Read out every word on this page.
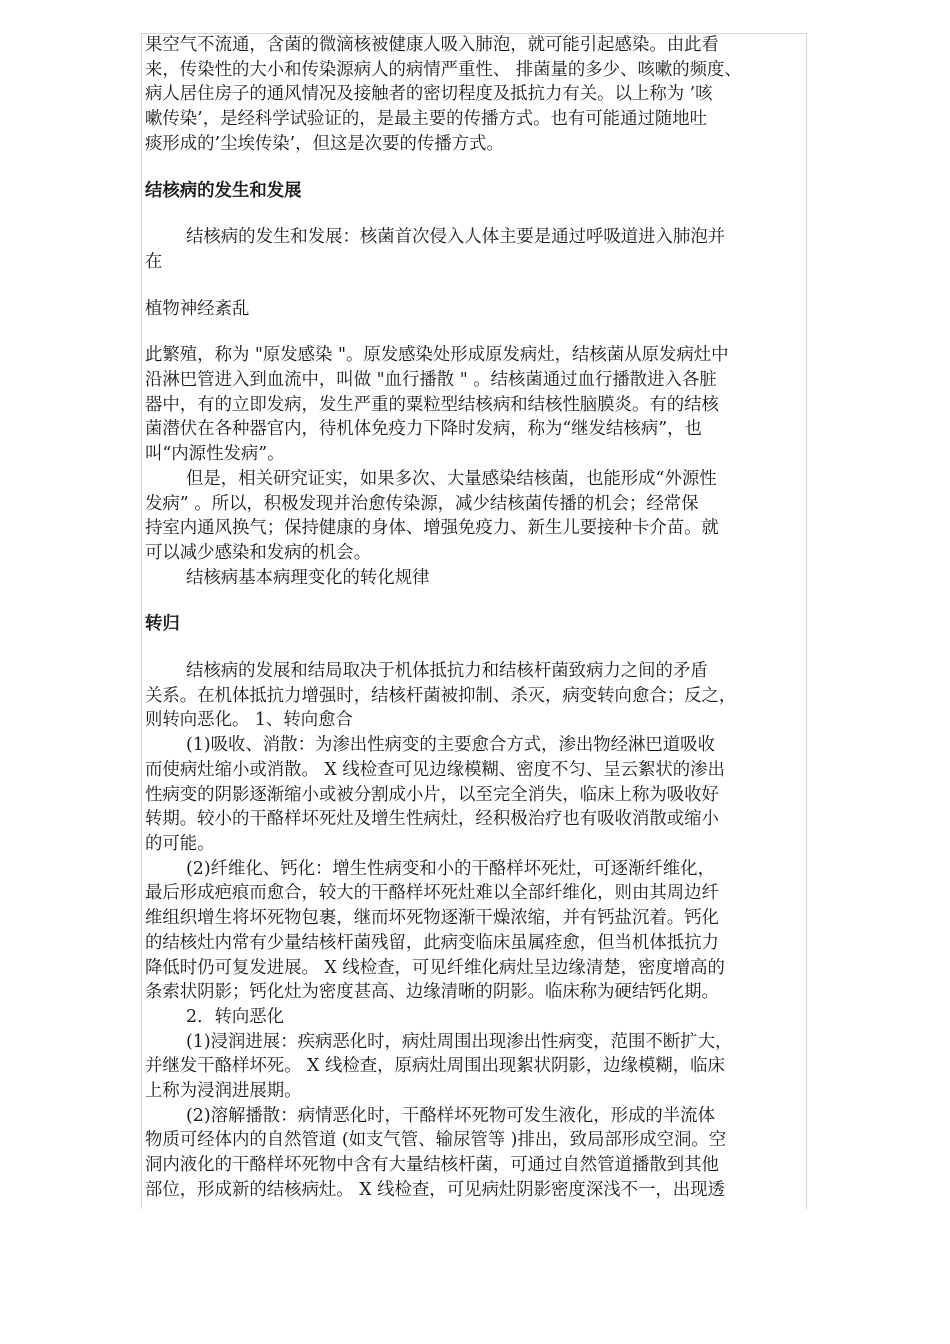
果空气不流通，含菌的微滴核被健康人吸入肺泡，就可能引起感染。由此看
来，传染性的大小和传染源病人的病情严重性、 排菌量的多少、咳嗽的频度、
病人居住房子的通风情况及接触者的密切程度及抵抗力有关。以上称为 ’咳
嗽传染’，是经科学试验证的，是最主要的传播方式。也有可能通过随地吐
痰形成的’尘埃传染’，但这是次要的传播方式。
结核病的发生和发展
结核病的发生和发展：核菌首次侵入人体主要是通过呼吸道进入肺泡并
在
植物神经紊乱
此繁殖，称为 "原发感染 "。原发感染处形成原发病灶，结核菌从原发病灶中
沿淋巴管进入到血流中，叫做 "血行播散 " 。结核菌通过血行播散进入各脏
器中，有的立即发病，发生严重的粟粒型结核病和结核性脑膜炎。有的结核
菌潜伏在各种器官内，待机体免疫力下降时发病，称为“继发结核病”，也
叫“内源性发病”。
但是，相关研究证实，如果多次、大量感染结核菌，也能形成“外源性
发病” 。所以，积极发现并治愈传染源，减少结核菌传播的机会；经常保
持室内通风换气；保持健康的身体、增强免疫力、新生儿要接种卡介苗。就
可以减少感染和发病的机会。
结核病基本病理变化的转化规律
转归
结核病的发展和结局取决于机体抵抗力和结核杆菌致病力之间的矛盾
关系。在机体抵抗力增强时，结核杆菌被抑制、杀灭，病变转向愈合；反之，
则转向恶化。 1、转向愈合
(1)吸收、消散：为渗出性病变的主要愈合方式，渗出物经淋巴道吸收
而使病灶缩小或消散。 X 线检查可见边缘模糊、密度不匀、呈云絮状的渗出
性病变的阴影逐渐缩小或被分割成小片，以至完全消失，临床上称为吸收好
转期。较小的干酪样坏死灶及增生性病灶，经积极治疗也有吸收消散或缩小
的可能。
(2)纤维化、钙化：增生性病变和小的干酪样坏死灶，可逐渐纤维化，
最后形成疤痕而愈合，较大的干酪样坏死灶难以全部纤维化，则由其周边纤
维组织增生将坏死物包裹，继而坏死物逐渐干燥浓缩，并有钙盐沉着。钙化
的结核灶内常有少量结核杆菌残留，此病变临床虽属痊愈，但当机体抵抗力
降低时仍可复发进展。 X 线检查，可见纤维化病灶呈边缘清楚，密度增高的
条索状阴影；钙化灶为密度甚高、边缘清晰的阴影。临床称为硬结钙化期。
2．转向恶化
(1)浸润进展：疾病恶化时，病灶周围出现渗出性病变，范围不断扩大，
并继发干酪样坏死。 X 线检查，原病灶周围出现絮状阴影，边缘模糊，临床
上称为浸润进展期。
(2)溶解播散：病情恶化时，干酪样坏死物可发生液化，形成的半流体
物质可经体内的自然管道 (如支气管、输尿管等 )排出，致局部形成空洞。空
洞内液化的干酪样坏死物中含有大量结核杆菌，可通过自然管道播散到其他
部位，形成新的结核病灶。 X 线检查，可见病灶阴影密度深浅不一，出现透
